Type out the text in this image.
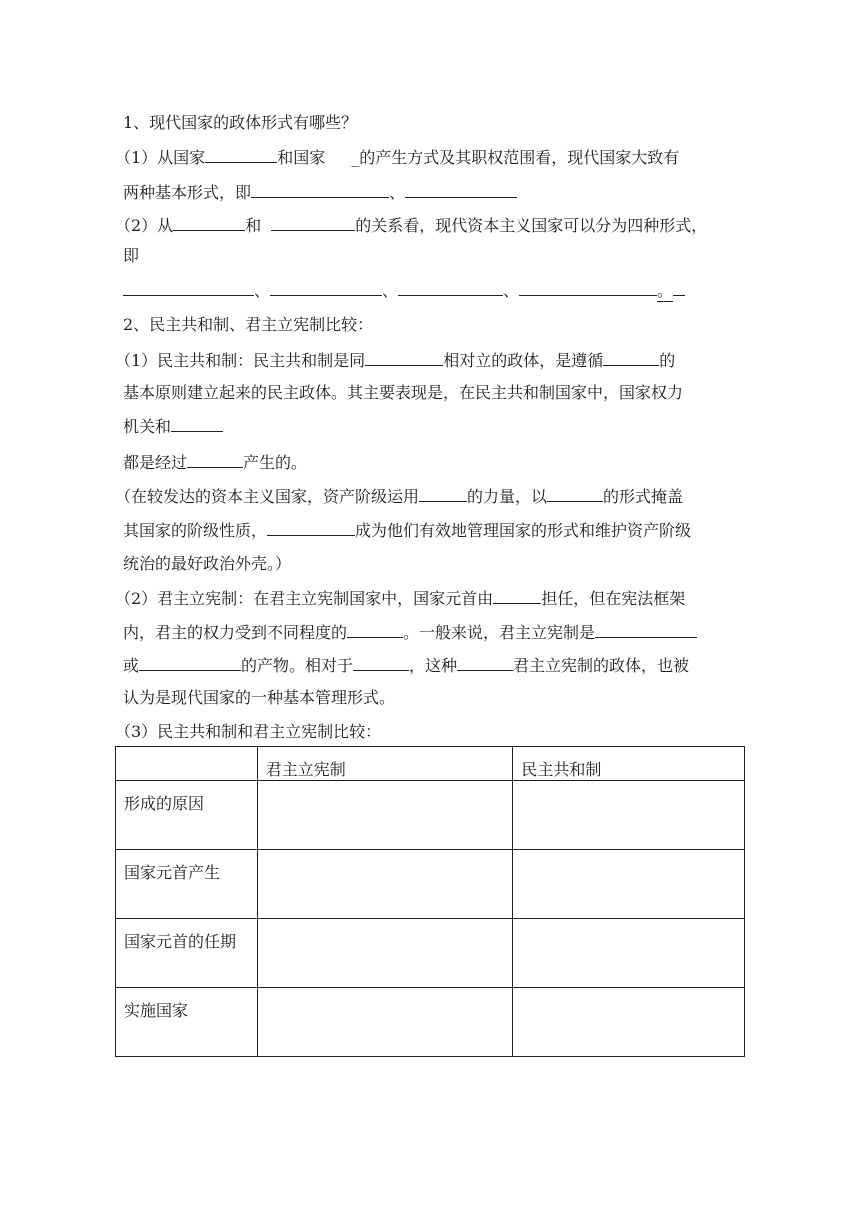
1、现代国家的政体形式有哪些？
（1）从国家	和国家 _的产生方式及其职权范围看，现代国家大致有
两种基本形式，即	、
（2）从	和	的关系看，现代资本主义国家可以分为四种形式，
即
、	、	、	。
2、民主共和制、君主立宪制比较：
（1）民主共和制：民主共和制是同	相对立的政体，是遵循	的
基本原则建立起来的民主政体。其主要表现是，在民主共和制国家中，国家权力
机关和
都是经过	产生的。
（在较发达的资本主义国家，资产阶级运用	的力量，以	的形式掩盖
其国家的阶级性质，	成为他们有效地管理国家的形式和维护资产阶级
统治的最好政治外壳。）
（2）君主立宪制：在君主立宪制国家中，国家元首由	担任，但在宪法框架
内，君主的权力受到不同程度的	。一般来说，君主立宪制是
或	的产物。相对于	，这种	君主立宪制的政体，也被
认为是现代国家的一种基本管理形式。
（3）民主共和制和君主立宪制比较：
	君主立宪制	民主共和制
形成的原因		
国家元首产生		
国家元首的任期		
实施国家		
